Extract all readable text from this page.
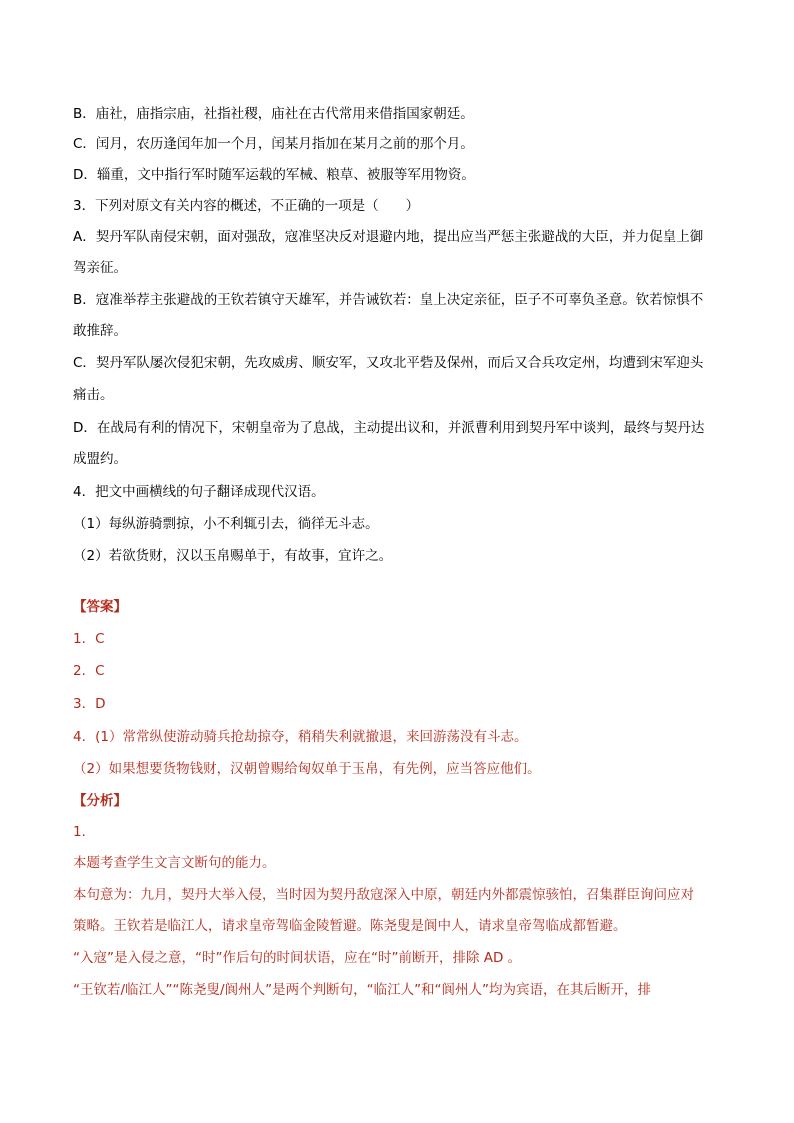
B．庙社，庙指宗庙，社指社稷，庙社在古代常用来借指国家朝廷。
C．闰月，农历逢闰年加一个月，闰某月指加在某月之前的那个月。
D．辎重，文中指行军时随军运载的军械、粮草、被服等军用物资。
3．下列对原文有关内容的概述，不正确的一项是（　　）
A．契丹军队南侵宋朝，面对强敌，寇准坚决反对退避内地，提出应当严惩主张避战的大臣，并力促皇上御
驾亲征。
B．寇准举荐主张避战的王钦若镇守天雄军，并告诫钦若：皇上决定亲征，臣子不可辜负圣意。钦若惊惧不
敢推辞。
C．契丹军队屡次侵犯宋朝，先攻威虏、顺安军，又攻北平砦及保州，而后又合兵攻定州，均遭到宋军迎头
痛击。
D．在战局有利的情况下，宋朝皇帝为了息战，主动提出议和，并派曹利用到契丹军中谈判，最终与契丹达
成盟约。
4．把文中画横线的句子翻译成现代汉语。
（1）每纵游骑剽掠，小不利辄引去，徜徉无斗志。
（2）若欲货财，汉以玉帛赐单于，有故事，宜许之。
【答案】
1．C
2．C
3．D
4．(1）常常纵使游动骑兵抢劫掠夺，稍稍失利就撤退，来回游荡没有斗志。
（2）如果想要货物钱财，汉朝曾赐给匈奴单于玉帛，有先例，应当答应他们。
【分析】
1．
本题考查学生文言文断句的能力。
本句意为：九月，契丹大举入侵，当时因为契丹敌寇深入中原，朝廷内外都震惊骇怕，召集群臣询问应对
策略。王钦若是临江人，请求皇帝驾临金陵暂避。陈尧叟是阆中人，请求皇帝驾临成都暂避。
“入寇”是入侵之意，“时”作后句的时间状语，应在“时”前断开，排除 AD 。
“王钦若/临江人”“陈尧叟/阆州人”是两个判断句，“临江人”和“阆州人”均为宾语，在其后断开，排
